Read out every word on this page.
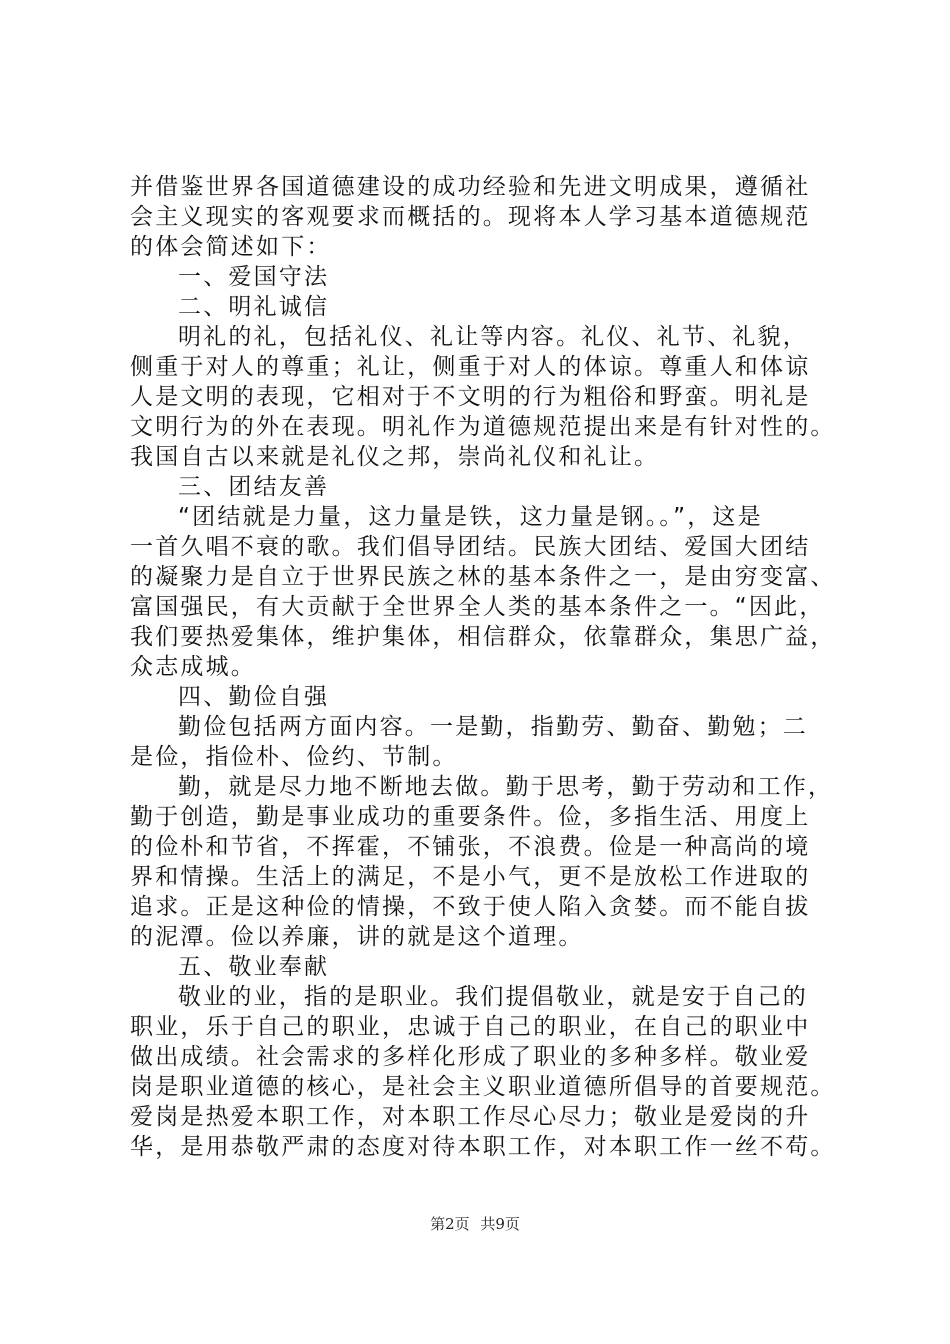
并借鉴世界各国道德建设的成功经验和先进文明成果，遵循社
会主义现实的客观要求而概括的。现将本人学习基本道德规范
的体会简述如下：
一、爱国守法
二、明礼诚信
明礼的礼，包括礼仪、礼让等内容。礼仪、礼节、礼貌，
侧重于对人的尊重；礼让，侧重于对人的体谅。尊重人和体谅
人是文明的表现，它相对于不文明的行为粗俗和野蛮。明礼是
文明行为的外在表现。明礼作为道德规范提出来是有针对性的。
我国自古以来就是礼仪之邦，崇尚礼仪和礼让。
三、团结友善
“团结就是力量，这力量是铁，这力量是钢。。”，这是
一首久唱不衰的歌。我们倡导团结。民族大团结、爱国大团结
的凝聚力是自立于世界民族之林的基本条件之一，是由穷变富、
富国强民，有大贡献于全世界全人类的基本条件之一。“因此，
我们要热爱集体，维护集体，相信群众，依靠群众，集思广益，
众志成城。
四、勤俭自强
勤俭包括两方面内容。一是勤，指勤劳、勤奋、勤勉；二
是俭，指俭朴、俭约、节制。
勤，就是尽力地不断地去做。勤于思考，勤于劳动和工作，
勤于创造，勤是事业成功的重要条件。俭，多指生活、用度上
的俭朴和节省，不挥霍，不铺张，不浪费。俭是一种高尚的境
界和情操。生活上的满足，不是小气，更不是放松工作进取的
追求。正是这种俭的情操，不致于使人陷入贪婪。而不能自拔
的泥潭。俭以养廉，讲的就是这个道理。
五、敬业奉献
敬业的业，指的是职业。我们提倡敬业，就是安于自己的
职业，乐于自己的职业，忠诚于自己的职业，在自己的职业中
做出成绩。社会需求的多样化形成了职业的多种多样。敬业爱
岗是职业道德的核心，是社会主义职业道德所倡导的首要规范。
爱岗是热爱本职工作，对本职工作尽心尽力；敬业是爱岗的升
华，是用恭敬严肃的态度对待本职工作，对本职工作一丝不苟。
第2页 共9页
